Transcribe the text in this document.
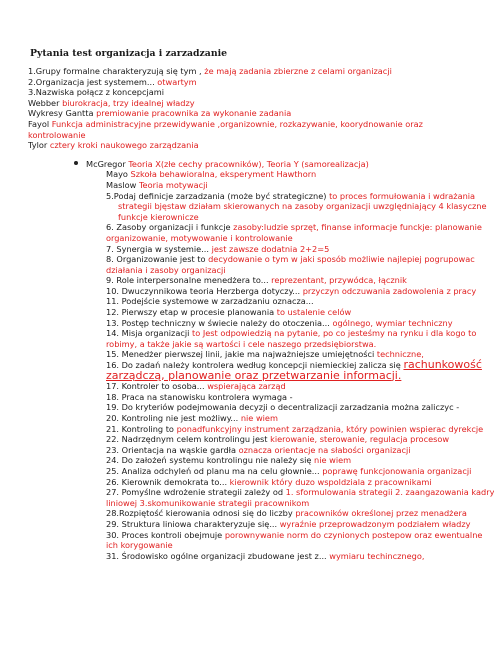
Pytania test organizacja i zarzadzanie
1.Grupy formalne charakteryzują się tym , że mają zadania zbierzne z celami organizacji
2.Organizacja jest systemem... otwartym
3.Nazwiska połącz z koncepcjami
Webber biurokracja, trzy idealnej władzy
Wykresy Gantta premiowanie pracownika za wykonanie zadania
Fayol Funkcja administracyjne przewidywanie ,organizownie, rozkazywanie, koorydnowanie oraz
kontrolowanie
Tylor cztery kroki naukowego zarządzania
McGregor Teoria X(złe cechy pracowników), Teoria Y (samorealizacja)
Mayo Szkoła behawioralna, eksperyment Hawthorn
Maslow Teoria motywacji
5.Podaj definicje zarzadzania (może być strategiczne) to proces formułowania i wdrażania
strategii bjęstaw działam skierowanych na zasoby organizacji uwzględniający 4 klasyczne
funkcje kierownicze
6. Zasoby organizacji i funkcje zasoby:ludzie sprzęt, finanse informacje funckje: planowanie
organizowanie, motywowanie i kontrolowanie
7. Synergia w systemie... jest zawsze dodatnia 2+2=5
8. Organizowanie jest to decydowanie o tym w jaki sposób możliwie najlepiej pogrupowac
działania i zasoby organizacji
9. Role interpersonalne menedżera to... reprezentant, przywódca, łącznik
10. Dwuczynnikowa teoria Herzberga dotyczy... przyczyn odczuwania zadowolenia z pracy
11. Podejście systemowe w zarzadzaniu oznacza...
12. Pierwszy etap w procesie planowania to ustalenie celów
13. Postęp techniczny w świecie należy do otoczenia... ogólnego, wymiar techniczny
14. Misja organizacji to Jest odpowiedzią na pytanie, po co jesteśmy na rynku i dla kogo to
robimy, a także jakie są wartości i cele naszego przedsiębiorstwa.
15. Menedżer pierwszej linii, jakie ma najważniejsze umiejętności techniczne,
16. Do zadań należy kontrolera według koncepcji niemieckiej zalicza się rachunkowość
zarządczą, planowanie oraz przetwarzanie informacji.
17. Kontroler to osoba... wspierająca zarząd
18. Praca na stanowisku kontrolera wymaga -
19. Do kryteriów podejmowania decyzji o decentralizacji zarzadzania można zaliczyc -
20. Kontroling nie jest możliwy... nie wiem
21. Kontroling to ponadfunkcyjny instrument zarządzania, który powinien wspierac dyrekcje
22. Nadrzędnym celem kontrolingu jest kierowanie, sterowanie, regulacja procesow
23. Orientacja na wąskie gardła oznacza orientacje na słabości organizacji
24. Do założeń systemu kontrolingu nie należy się nie wiem
25. Analiza odchyleń od planu ma na celu głownie... poprawę funkcjonowania organizacji
26. Kierownik demokrata to... kierownik który duzo wspoldziala z pracownikami
27. Pomyślne wdrożenie strategii zależy od 1. sformulowania strategii 2. zaangazowania kadry
liniowej 3.skomunikowanie strategii pracownikom
28.Rozpiętość kierowania odnosi się do liczby pracowników określonej przez menadżera
29. Struktura liniowa charakteryzuje się... wyraźnie przeprowadzonym podziałem władzy
30. Proces kontroli obejmuje porownywanie norm do czynionych postepow oraz ewentualne
ich korygowanie
31. Środowisko ogólne organizacji zbudowane jest z... wymiaru techincznego,
